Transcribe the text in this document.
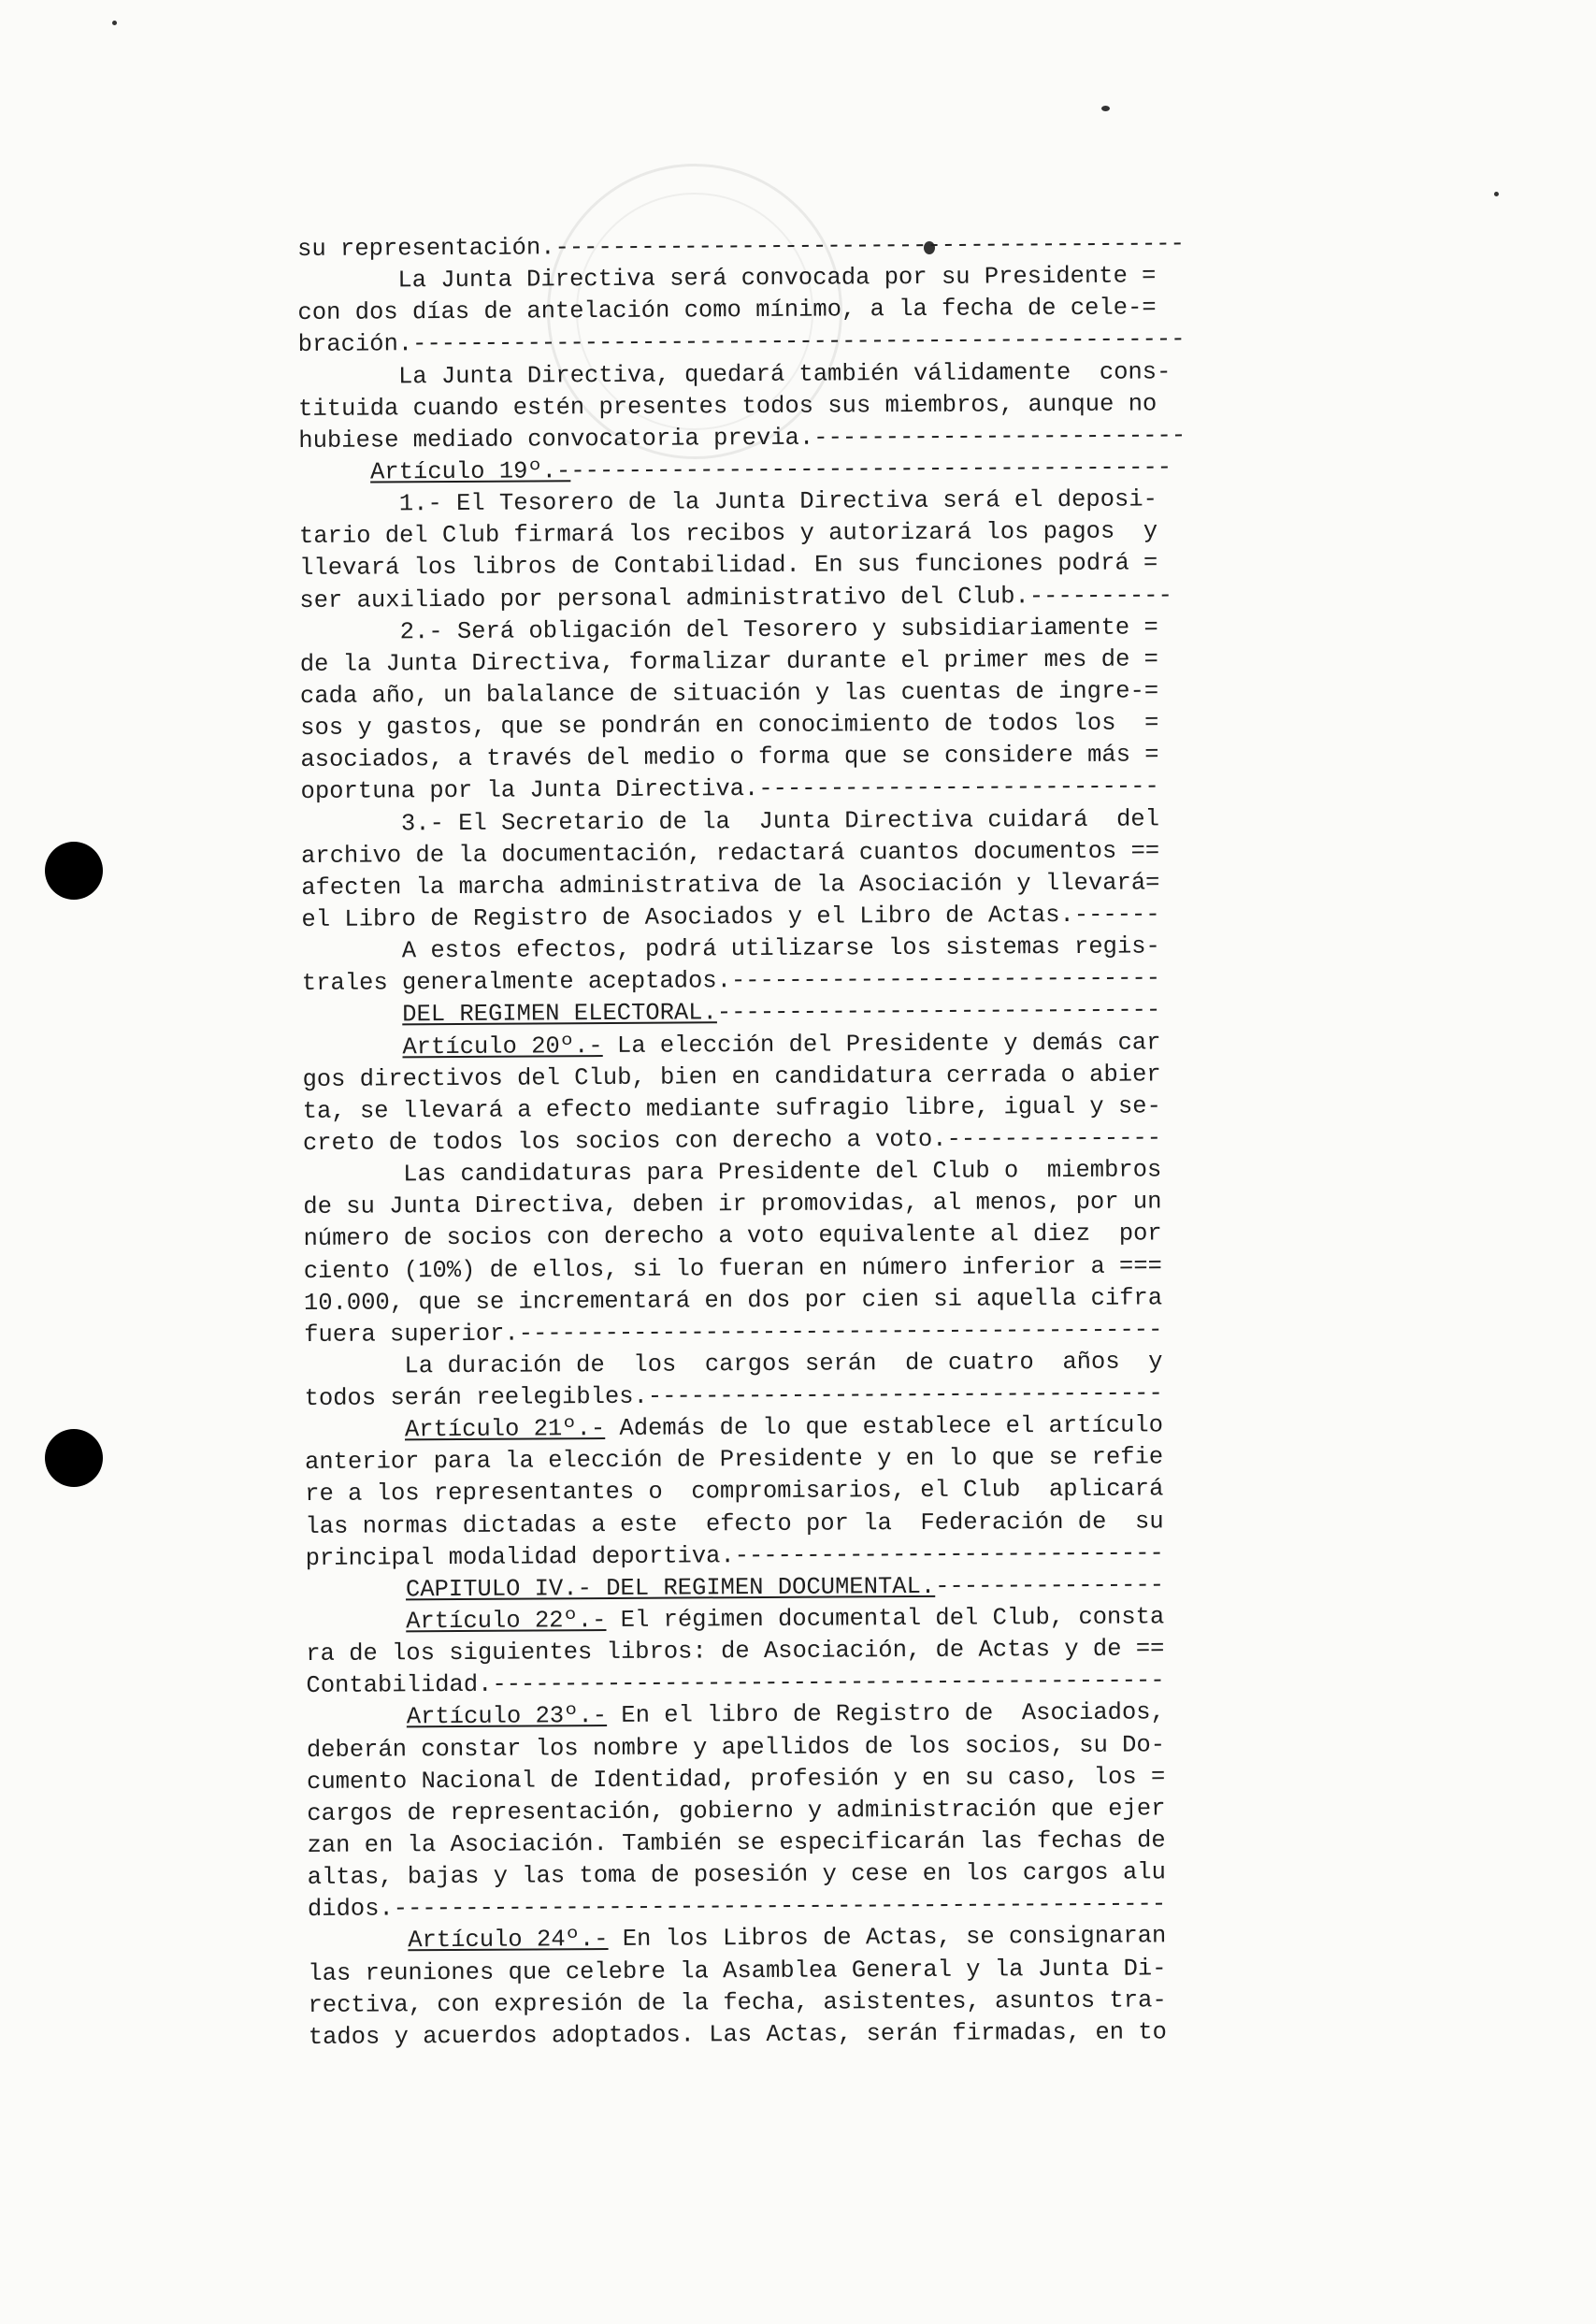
su representación.--------------------------------------------
La Junta Directiva será convocada por su Presidente =
con dos días de antelación como mínimo, a la fecha de cele-=
bración.------------------------------------------------------
La Junta Directiva, quedará también válidamente  cons-
tituida cuando estén presentes todos sus miembros, aunque no
hubiese mediado convocatoria previa.--------------------------
Artículo 19º.-------------------------------------------
1.- El Tesorero de la Junta Directiva será el deposi-
tario del Club firmará los recibos y autorizará los pagos  y
llevará los libros de Contabilidad. En sus funciones podrá =
ser auxiliado por personal administrativo del Club.----------
2.- Será obligación del Tesorero y subsidiariamente =
de la Junta Directiva, formalizar durante el primer mes de =
cada año, un balalance de situación y las cuentas de ingre-=
sos y gastos, que se pondrán en conocimiento de todos los  =
asociados, a través del medio o forma que se considere más =
oportuna por la Junta Directiva.----------------------------
3.- El Secretario de la  Junta Directiva cuidará  del
archivo de la documentación, redactará cuantos documentos ==
afecten la marcha administrativa de la Asociación y llevará=
el Libro de Registro de Asociados y el Libro de Actas.------
A estos efectos, podrá utilizarse los sistemas regis-
trales generalmente aceptados.------------------------------
DEL REGIMEN ELECTORAL.-------------------------------
Artículo 20º.- La elección del Presidente y demás car
gos directivos del Club, bien en candidatura cerrada o abier
ta, se llevará a efecto mediante sufragio libre, igual y se-
creto de todos los socios con derecho a voto.---------------
Las candidaturas para Presidente del Club o  miembros
de su Junta Directiva, deben ir promovidas, al menos, por un
número de socios con derecho a voto equivalente al diez  por
ciento (10%) de ellos, si lo fueran en número inferior a ===
10.000, que se incrementará en dos por cien si aquella cifra
fuera superior.---------------------------------------------
La duración de  los  cargos serán  de cuatro  años  y
todos serán reelegibles.------------------------------------
Artículo 21º.- Además de lo que establece el artículo
anterior para la elección de Presidente y en lo que se refie
re a los representantes o  compromisarios, el Club  aplicará
las normas dictadas a este  efecto por la  Federación de  su
principal modalidad deportiva.------------------------------
CAPITULO IV.- DEL REGIMEN DOCUMENTAL.----------------
Artículo 22º.- El régimen documental del Club, consta
ra de los siguientes libros: de Asociación, de Actas y de ==
Contabilidad.-----------------------------------------------
Artículo 23º.- En el libro de Registro de  Asociados,
deberán constar los nombre y apellidos de los socios, su Do-
cumento Nacional de Identidad, profesión y en su caso, los =
cargos de representación, gobierno y administración que ejer
zan en la Asociación. También se especificarán las fechas de
altas, bajas y las toma de posesión y cese en los cargos alu
didos.------------------------------------------------------
Artículo 24º.- En los Libros de Actas, se consignaran
las reuniones que celebre la Asamblea General y la Junta Di-
rectiva, con expresión de la fecha, asistentes, asuntos tra-
tados y acuerdos adoptados. Las Actas, serán firmadas, en to
